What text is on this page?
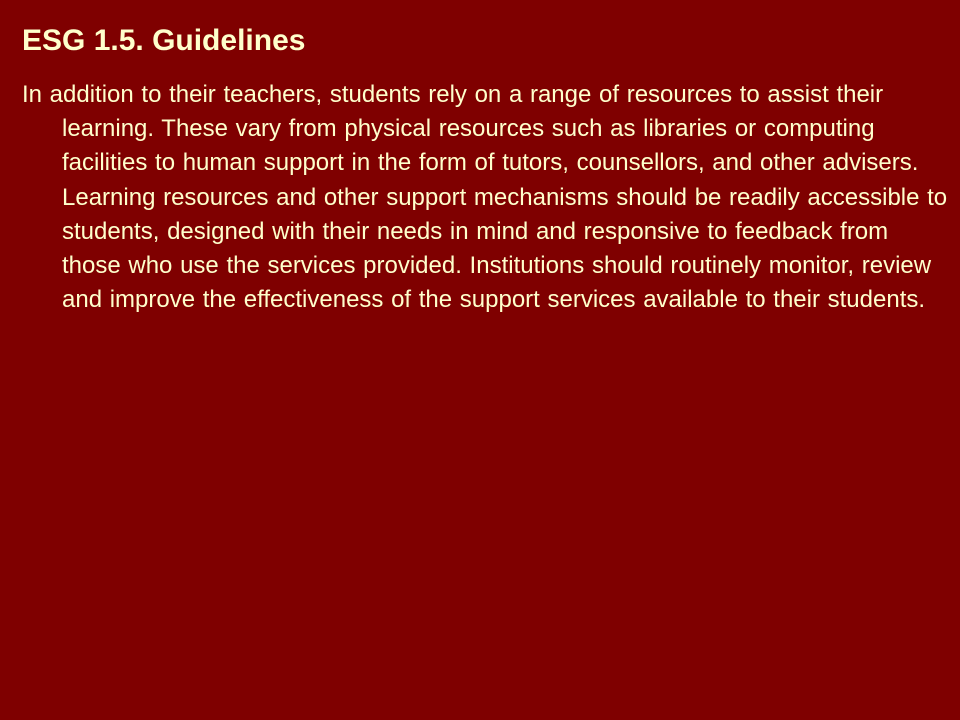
ESG 1.5. Guidelines

In addition to their teachers, students rely on a range of resources to assist their learning. These vary from physical resources such as libraries or computing facilities to human support in the form of tutors, counsellors, and other advisers. Learning resources and other support mechanisms should be readily accessible to students, designed with their needs in mind and responsive to feedback from those who use the services provided. Institutions should routinely monitor, review and improve the effectiveness of the support services available to their students.
